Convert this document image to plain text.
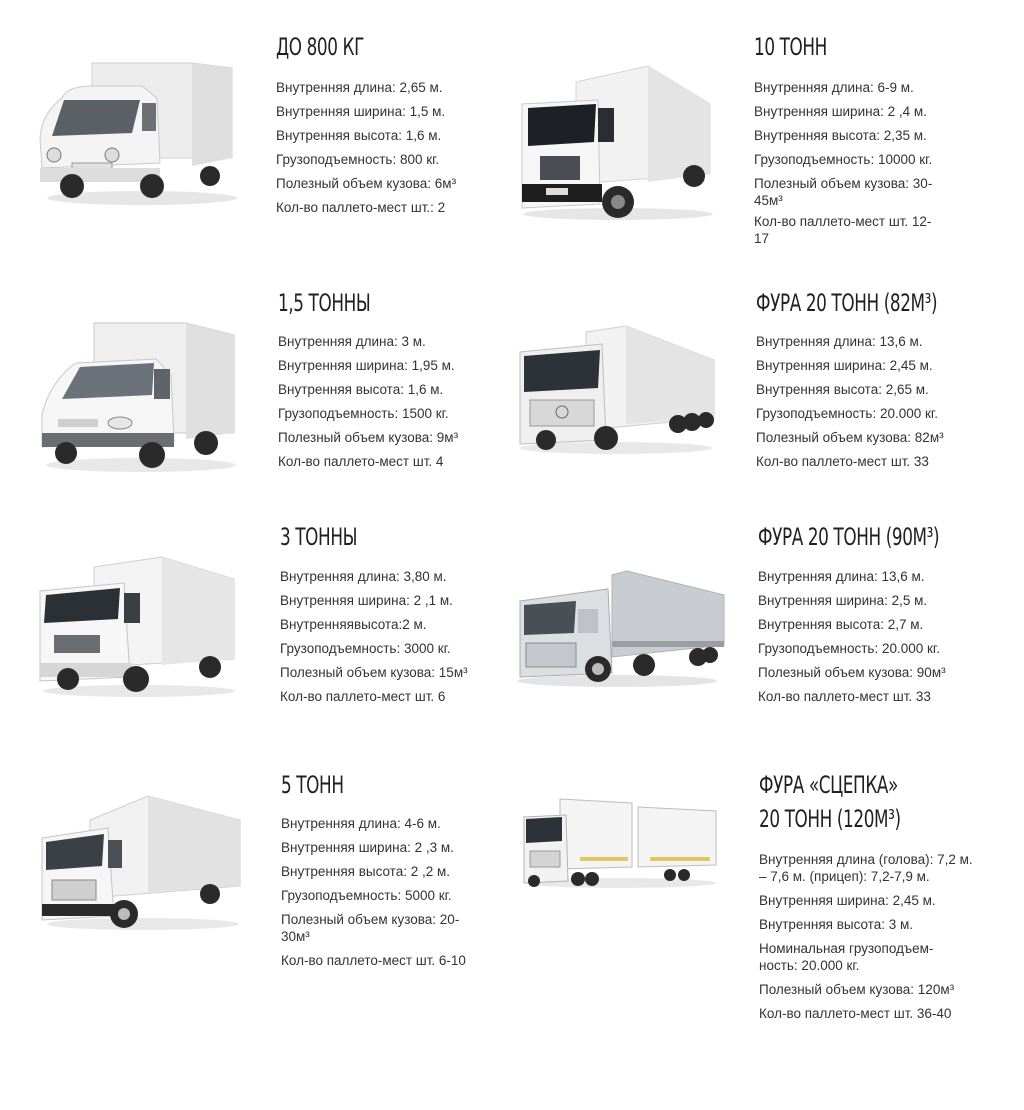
ДО 800 КГ
Внутренняя длина: 2,65 м.
Внутренняя ширина: 1,5 м.
Внутренняя высота: 1,6 м.
Грузоподъемность: 800 кг.
Полезный объем кузова: 6м³
Кол-во паллето-мест шт.: 2
10 ТОНН
Внутренняя длина: 6-9 м.
Внутренняя ширина: 2 ,4 м.
Внутренняя высота: 2,35 м.
Грузоподъемность: 10000 кг.
Полезный объем кузова: 30-45м³
Кол-во паллето-мест шт. 12-17
1,5 ТОННЫ
Внутренняя длина: 3 м.
Внутренняя ширина: 1,95 м.
Внутренняя высота: 1,6 м.
Грузоподъемность: 1500 кг.
Полезный объем кузова: 9м³
Кол-во паллето-мест шт. 4
ФУРА 20 ТОНН (82М³)
Внутренняя длина: 13,6 м.
Внутренняя ширина: 2,45 м.
Внутренняя высота: 2,65 м.
Грузоподъемность: 20.000 кг.
Полезный объем кузова: 82м³
Кол-во паллето-мест шт. 33
3 ТОННЫ
Внутренняя длина: 3,80 м.
Внутренняя ширина: 2 ,1 м.
Внутренняявысота:2 м.
Грузоподъемность: 3000 кг.
Полезный объем кузова: 15м³
Кол-во паллето-мест шт. 6
ФУРА 20 ТОНН (90М³)
Внутренняя длина: 13,6 м.
Внутренняя ширина: 2,5 м.
Внутренняя высота: 2,7 м.
Грузоподъемность: 20.000 кг.
Полезный объем кузова: 90м³
Кол-во паллето-мест шт. 33
5 ТОНН
Внутренняя длина: 4-6 м.
Внутренняя ширина: 2 ,3 м.
Внутренняя высота: 2 ,2 м.
Грузоподъемность: 5000 кг.
Полезный объем кузова: 20-30м³
Кол-во паллето-мест шт. 6-10
ФУРА «СЦЕПКА»
20 ТОНН (120М³)
Внутренняя длина (голова): 7,2 м. – 7,6 м. (прицеп): 7,2-7,9 м.
Внутренняя ширина: 2,45 м.
Внутренняя высота: 3 м.
Номинальная грузоподъем-ность: 20.000 кг.
Полезный объем кузова: 120м³
Кол-во паллето-мест шт. 36-40
